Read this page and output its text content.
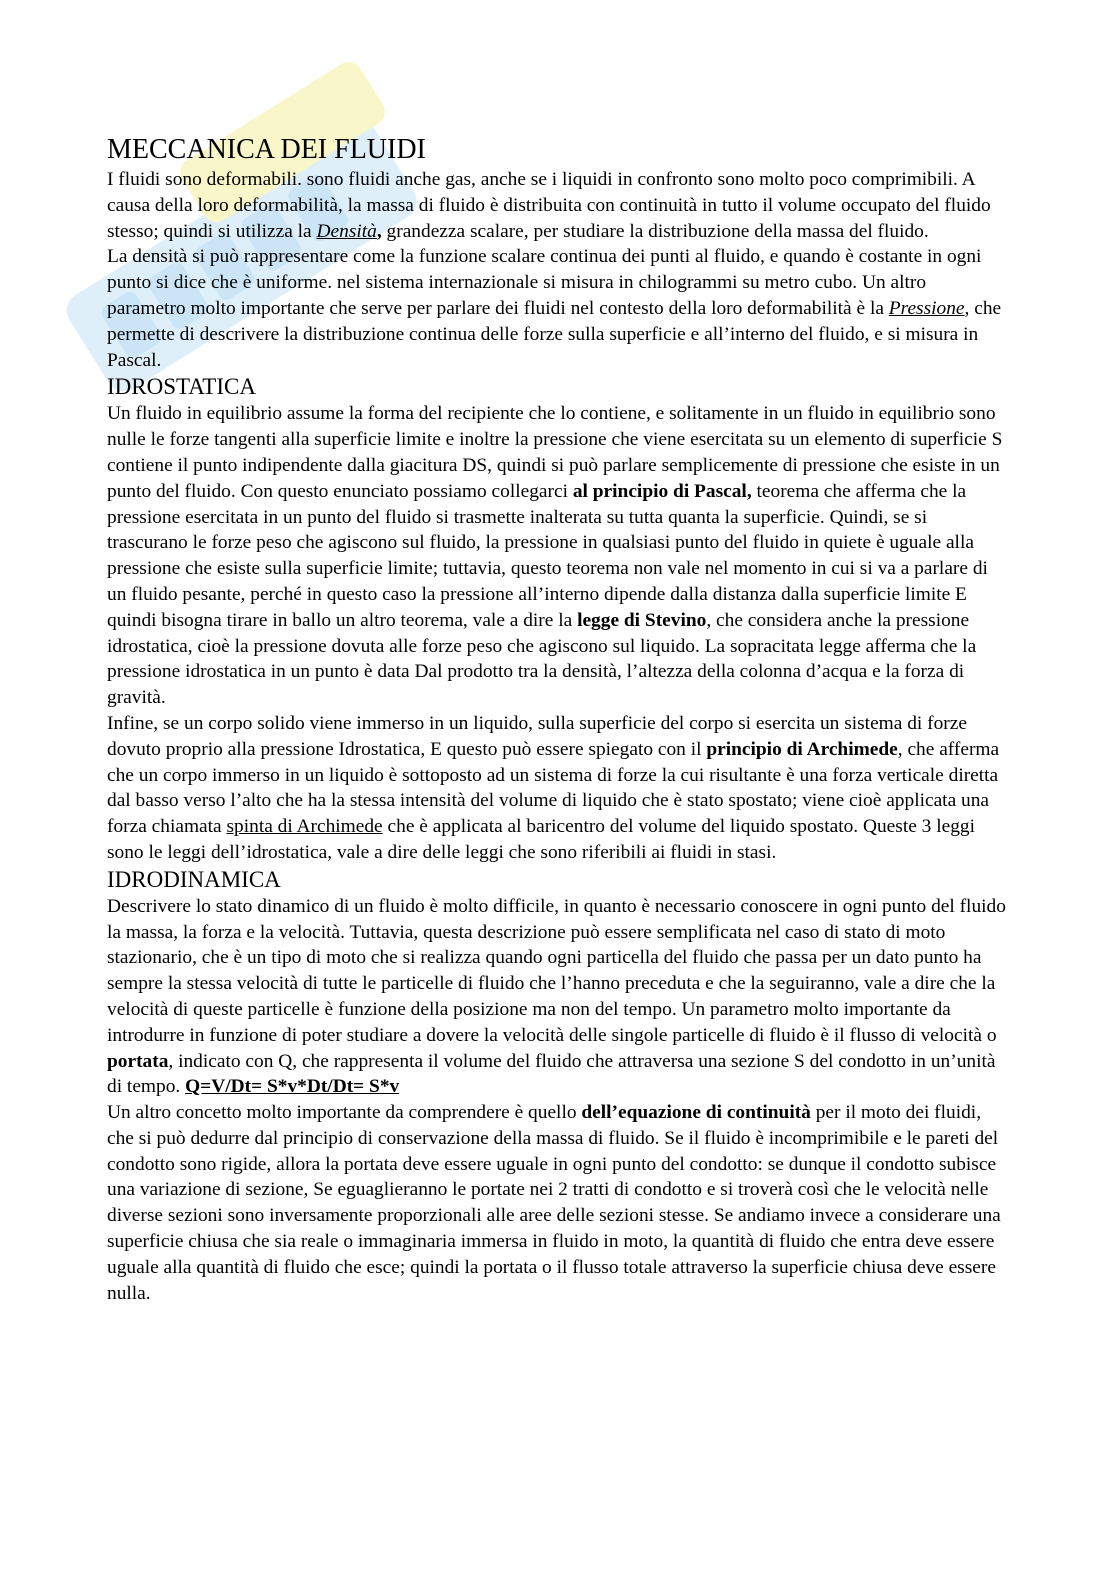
MECCANICA DEI FLUIDI

I fluidi sono deformabili. sono fluidi anche gas, anche se i liquidi in confronto sono molto poco comprimibili. A causa della loro deformabilità, la massa di fluido è distribuita con continuità in tutto il volume occupato del fluido stesso; quindi si utilizza la Densità, grandezza scalare, per studiare la distribuzione della massa del fluido.

La densità si può rappresentare come la funzione scalare continua dei punti al fluido, e quando è costante in ogni punto si dice che è uniforme. nel sistema internazionale si misura in chilogrammi su metro cubo. Un altro parametro molto importante che serve per parlare dei fluidi nel contesto della loro deformabilità è la Pressione, che permette di descrivere la distribuzione continua delle forze sulla superficie e all’interno del fluido, e si misura in Pascal.

IDROSTATICA

Un fluido in equilibrio assume la forma del recipiente che lo contiene, e solitamente in un fluido in equilibrio sono nulle le forze tangenti alla superficie limite e inoltre la pressione che viene esercitata su un elemento di superficie S contiene il punto indipendente dalla giacitura DS, quindi si può parlare semplicemente di pressione che esiste in un punto del fluido. Con questo enunciato possiamo collegarci al principio di Pascal, teorema che afferma che la pressione esercitata in un punto del fluido si trasmette inalterata su tutta quanta la superficie. Quindi, se si trascurano le forze peso che agiscono sul fluido, la pressione in qualsiasi punto del fluido in quiete è uguale alla pressione che esiste sulla superficie limite; tuttavia, questo teorema non vale nel momento in cui si va a parlare di un fluido pesante, perché in questo caso la pressione all’interno dipende dalla distanza dalla superficie limite E quindi bisogna tirare in ballo un altro teorema, vale a dire la legge di Stevino, che considera anche la pressione idrostatica, cioè la pressione dovuta alle forze peso che agiscono sul liquido. La sopracitata legge afferma che la pressione idrostatica in un punto è data Dal prodotto tra la densità, l’altezza della colonna d’acqua e la forza di gravità.

Infine, se un corpo solido viene immerso in un liquido, sulla superficie del corpo si esercita un sistema di forze dovuto proprio alla pressione Idrostatica, E questo può essere spiegato con il principio di Archimede, che afferma che un corpo immerso in un liquido è sottoposto ad un sistema di forze la cui risultante è una forza verticale diretta dal basso verso l’alto che ha la stessa intensità del volume di liquido che è stato spostato; viene cioè applicata una forza chiamata spinta di Archimede che è applicata al baricentro del volume del liquido spostato. Queste 3 leggi sono le leggi dell’idrostatica, vale a dire delle leggi che sono riferibili ai fluidi in stasi.

IDRODINAMICA

Descrivere lo stato dinamico di un fluido è molto difficile, in quanto è necessario conoscere in ogni punto del fluido la massa, la forza e la velocità. Tuttavia, questa descrizione può essere semplificata nel caso di stato di moto stazionario, che è un tipo di moto che si realizza quando ogni particella del fluido che passa per un dato punto ha sempre la stessa velocità di tutte le particelle di fluido che l’hanno preceduta e che la seguiranno, vale a dire che la velocità di queste particelle è funzione della posizione ma non del tempo. Un parametro molto importante da introdurre in funzione di poter studiare a dovere la velocità delle singole particelle di fluido è il flusso di velocità o portata, indicato con Q, che rappresenta il volume del fluido che attraversa una sezione S del condotto in un’unità di tempo. Q=V/Dt= S*v*Dt/Dt= S*v

Un altro concetto molto importante da comprendere è quello dell’equazione di continuità per il moto dei fluidi, che si può dedurre dal principio di conservazione della massa di fluido. Se il fluido è incomprimibile e le pareti del condotto sono rigide, allora la portata deve essere uguale in ogni punto del condotto: se dunque il condotto subisce una variazione di sezione, Se eguaglieranno le portate nei 2 tratti di condotto e si troverà così che le velocità nelle diverse sezioni sono inversamente proporzionali alle aree delle sezioni stesse. Se andiamo invece a considerare una superficie chiusa che sia reale o immaginaria immersa in fluido in moto, la quantità di fluido che entra deve essere uguale alla quantità di fluido che esce; quindi la portata o il flusso totale attraverso la superficie chiusa deve essere nulla.
